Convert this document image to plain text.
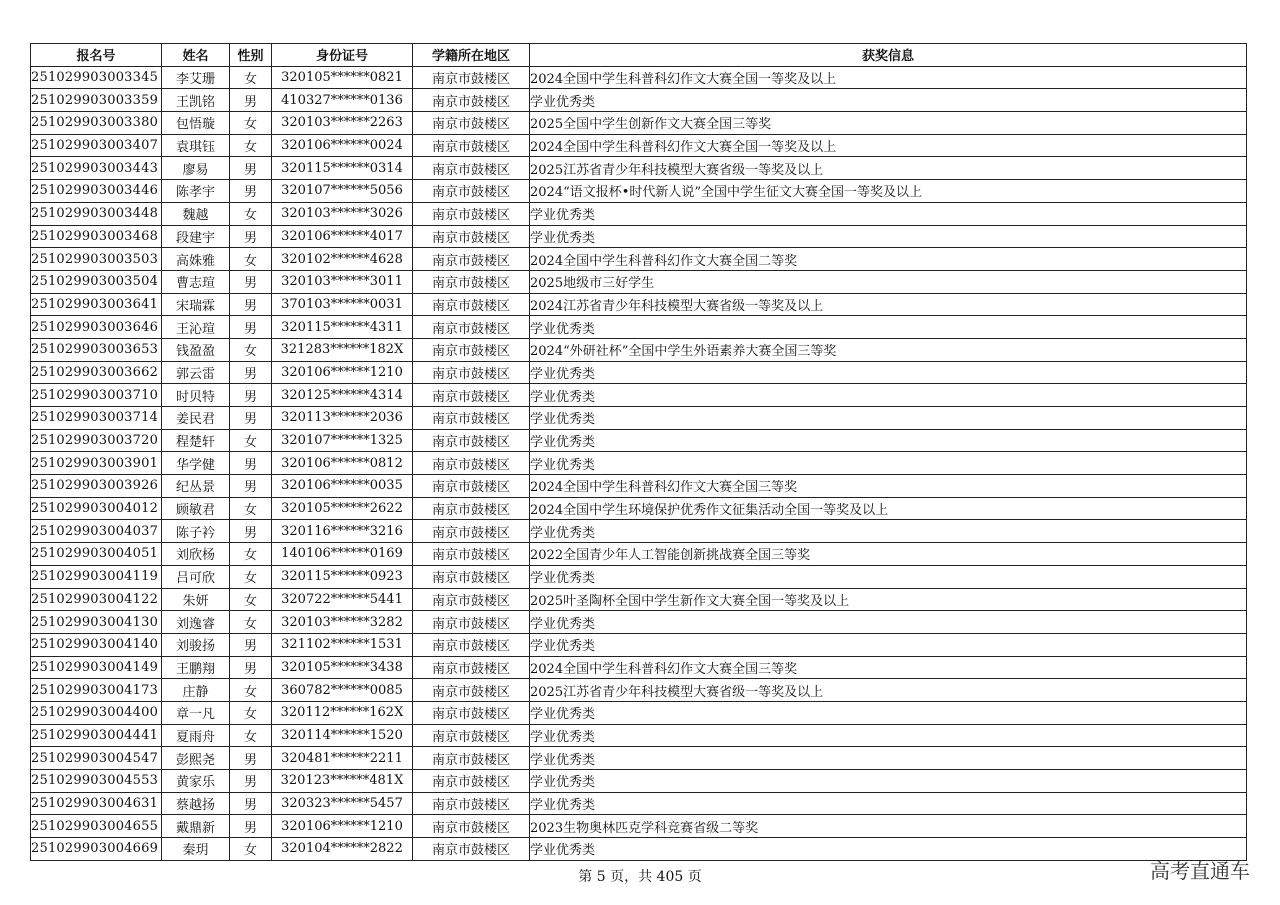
报名号	姓名	性别	身份证号	学籍所在地区	获奖信息
251029903003345	李艾珊	女	320105******0821	南京市鼓楼区	2024全国中学生科普科幻作文大赛全国一等奖及以上
251029903003359	王凯铭	男	410327******0136	南京市鼓楼区	学业优秀类
251029903003380	包悟璇	女	320103******2263	南京市鼓楼区	2025全国中学生创新作文大赛全国三等奖
251029903003407	袁琪钰	女	320106******0024	南京市鼓楼区	2024全国中学生科普科幻作文大赛全国一等奖及以上
251029903003443	廖易	男	320115******0314	南京市鼓楼区	2025江苏省青少年科技模型大赛省级一等奖及以上
251029903003446	陈孝宇	男	320107******5056	南京市鼓楼区	2024“语文报杯•时代新人说”全国中学生征文大赛全国一等奖及以上
251029903003448	魏越	女	320103******3026	南京市鼓楼区	学业优秀类
251029903003468	段建宇	男	320106******4017	南京市鼓楼区	学业优秀类
251029903003503	高姝雅	女	320102******4628	南京市鼓楼区	2024全国中学生科普科幻作文大赛全国二等奖
251029903003504	曹志瑄	男	320103******3011	南京市鼓楼区	2025地级市三好学生
251029903003641	宋瑞霖	男	370103******0031	南京市鼓楼区	2024江苏省青少年科技模型大赛省级一等奖及以上
251029903003646	王沁瑄	男	320115******4311	南京市鼓楼区	学业优秀类
251029903003653	钱盈盈	女	321283******182X	南京市鼓楼区	2024“外研社杯”全国中学生外语素养大赛全国三等奖
251029903003662	郭云雷	男	320106******1210	南京市鼓楼区	学业优秀类
251029903003710	时贝特	男	320125******4314	南京市鼓楼区	学业优秀类
251029903003714	姜民君	男	320113******2036	南京市鼓楼区	学业优秀类
251029903003720	程楚轩	女	320107******1325	南京市鼓楼区	学业优秀类
251029903003901	华学健	男	320106******0812	南京市鼓楼区	学业优秀类
251029903003926	纪丛景	男	320106******0035	南京市鼓楼区	2024全国中学生科普科幻作文大赛全国三等奖
251029903004012	顾敏君	女	320105******2622	南京市鼓楼区	2024全国中学生环境保护优秀作文征集活动全国一等奖及以上
251029903004037	陈子衿	男	320116******3216	南京市鼓楼区	学业优秀类
251029903004051	刘欣杨	女	140106******0169	南京市鼓楼区	2022全国青少年人工智能创新挑战赛全国三等奖
251029903004119	吕可欣	女	320115******0923	南京市鼓楼区	学业优秀类
251029903004122	朱妍	女	320722******5441	南京市鼓楼区	2025叶圣陶杯全国中学生新作文大赛全国一等奖及以上
251029903004130	刘逸睿	女	320103******3282	南京市鼓楼区	学业优秀类
251029903004140	刘骏扬	男	321102******1531	南京市鼓楼区	学业优秀类
251029903004149	王鹏翔	男	320105******3438	南京市鼓楼区	2024全国中学生科普科幻作文大赛全国三等奖
251029903004173	庄静	女	360782******0085	南京市鼓楼区	2025江苏省青少年科技模型大赛省级一等奖及以上
251029903004400	章一凡	女	320112******162X	南京市鼓楼区	学业优秀类
251029903004441	夏雨舟	女	320114******1520	南京市鼓楼区	学业优秀类
251029903004547	彭熙尧	男	320481******2211	南京市鼓楼区	学业优秀类
251029903004553	黄家乐	男	320123******481X	南京市鼓楼区	学业优秀类
251029903004631	蔡越扬	男	320323******5457	南京市鼓楼区	学业优秀类
251029903004655	戴鼎新	男	320106******1210	南京市鼓楼区	2023生物奥林匹克学科竞赛省级二等奖
251029903004669	秦玥	女	320104******2822	南京市鼓楼区	学业优秀类
第 5 页，共 405 页	高考直通车
